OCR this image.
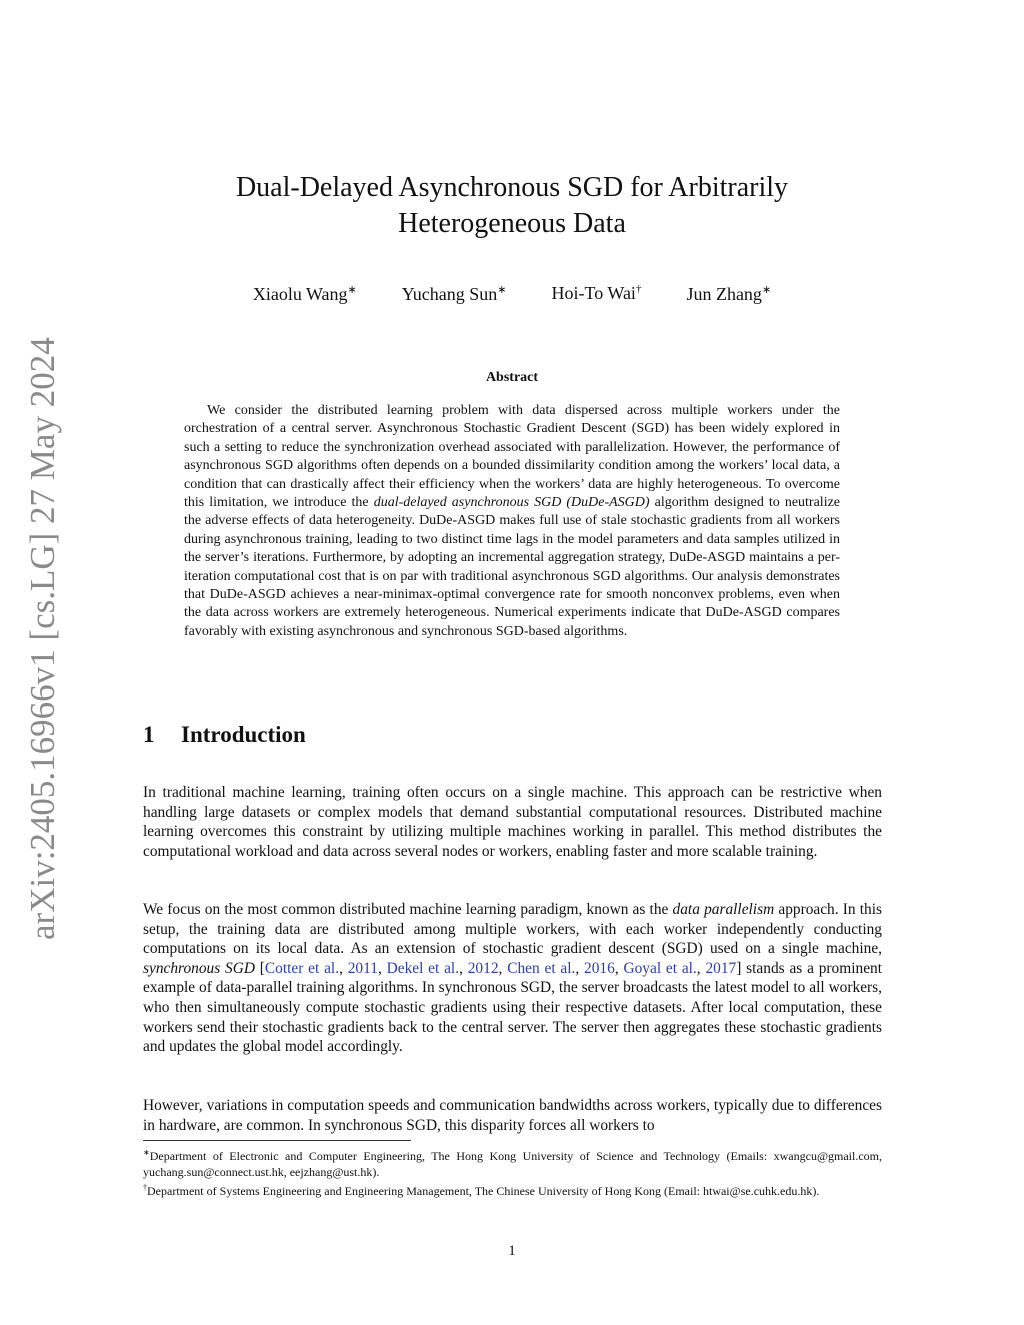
arXiv:2405.16966v1 [cs.LG] 27 May 2024
Dual-Delayed Asynchronous SGD for Arbitrarily
Heterogeneous Data
Xiaolu Wang∗	Yuchang Sun∗	Hoi-To Wai†	Jun Zhang∗
Abstract

We consider the distributed learning problem with data dispersed across multiple workers under the orchestration of a central server. Asynchronous Stochastic Gradient Descent (SGD) has been widely explored in such a setting to reduce the synchronization overhead associated with parallelization. However, the performance of asynchronous SGD algorithms often depends on a bounded dissimilarity condition among the workers’ local data, a condition that can drastically affect their efficiency when the workers’ data are highly heterogeneous. To overcome this limitation, we introduce the dual-delayed asynchronous SGD (DuDe-ASGD) algorithm designed to neutralize the adverse effects of data heterogeneity. DuDe-ASGD makes full use of stale stochastic gradients from all workers during asynchronous training, leading to two distinct time lags in the model parameters and data samples utilized in the server’s iterations. Furthermore, by adopting an incremental aggregation strategy, DuDe-ASGD maintains a per-iteration computational cost that is on par with traditional asynchronous SGD algorithms. Our analysis demonstrates that DuDe-ASGD achieves a near-minimax-optimal convergence rate for smooth nonconvex problems, even when the data across workers are extremely heterogeneous. Numerical experiments indicate that DuDe-ASGD compares favorably with existing asynchronous and synchronous SGD-based algorithms.

1 Introduction

In traditional machine learning, training often occurs on a single machine. This approach can be restrictive when handling large datasets or complex models that demand substantial computational resources. Distributed machine learning overcomes this constraint by utilizing multiple machines working in parallel. This method distributes the computational workload and data across several nodes or workers, enabling faster and more scalable training.

We focus on the most common distributed machine learning paradigm, known as the data parallelism approach. In this setup, the training data are distributed among multiple workers, with each worker independently conducting computations on its local data. As an extension of stochastic gradient descent (SGD) used on a single machine, synchronous SGD [Cotter et al., 2011, Dekel et al., 2012, Chen et al., 2016, Goyal et al., 2017] stands as a prominent example of data-parallel training algorithms. In synchronous SGD, the server broadcasts the latest model to all workers, who then simultaneously compute stochastic gradients using their respective datasets. After local computation, these workers send their stochastic gradients back to the central server. The server then aggregates these stochastic gradients and updates the global model accordingly.

However, variations in computation speeds and communication bandwidths across workers, typically due to differences in hardware, are common. In synchronous SGD, this disparity forces all workers to

∗Department of Electronic and Computer Engineering, The Hong Kong University of Science and Technology (Emails: xwangcu@gmail.com, yuchang.sun@connect.ust.hk, eejzhang@ust.hk).

†Department of Systems Engineering and Engineering Management, The Chinese University of Hong Kong (Email: htwai@se.cuhk.edu.hk).

1
